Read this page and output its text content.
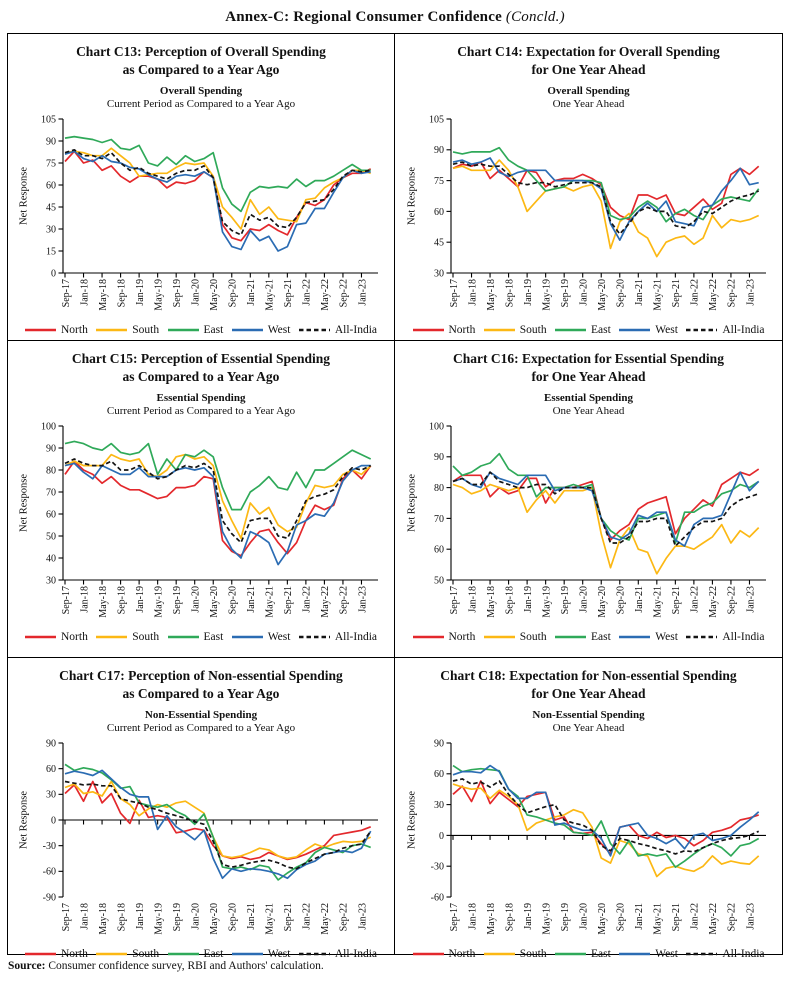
Annex-C: Regional Consumer Confidence (Concld.)
Chart C13: Perception of Overall Spending
as Compared to a Year Ago
Overall Spending
Current Period as Compared to a Year Ago
0
15
30
45
60
75
90
105
Sep-17 Jan-18 May-18 Sep-18 Jan-19 May-19 Sep-19 Jan-20 May-20 Sep-20 Jan-21 May-21 Sep-21 Jan-22 May-22 Sep-22 Jan-23
Net Response
North	South	East	West	All-India
Chart C14: Expectation for Overall Spending
for One Year Ahead
Overall Spending
One Year Ahead
30
45
60
75
90
105
Sep-17 Jan-18 May-18 Sep-18 Jan-19 May-19 Sep-19 Jan-20 May-20 Sep-20 Jan-21 May-21 Sep-21 Jan-22 May-22 Sep-22 Jan-23
Net Response
North	South	East	West	All-India
Chart C15: Perception of Essential Spending
as Compared to a Year Ago
Essential Spending
Current Period as Compared to a Year Ago
30
40
50
60
70
80
90
100
Sep-17 Jan-18 May-18 Sep-18 Jan-19 May-19 Sep-19 Jan-20 May-20 Sep-20 Jan-21 May-21 Sep-21 Jan-22 May-22 Sep-22 Jan-23
Net Response
North	South	East	West	All-India
Chart C16: Expectation for Essential Spending
for One Year Ahead
Essential Spending
One Year Ahead
50
60
70
80
90
100
Sep-17 Jan-18 May-18 Sep-18 Jan-19 May-19 Sep-19 Jan-20 May-20 Sep-20 Jan-21 May-21 Sep-21 Jan-22 May-22 Sep-22 Jan-23
Net Response
North	South	East	West	All-India
Chart C17: Perception of Non-essential Spending
as Compared to a Year Ago
Non-Essential Spending
Current Period as Compared to a Year Ago
-90
-60
-30
0
30
60
90
Sep-17 Jan-18 May-18 Sep-18 Jan-19 May-19 Sep-19 Jan-20 May-20 Sep-20 Jan-21 May-21 Sep-21 Jan-22 May-22 Sep-22 Jan-23
Net Response
North	South	East	West	All-India
Chart C18: Expectation for Non-essential Spending
for One Year Ahead
Non-Essential Spending
One Year Ahead
-60
-30
0
30
60
90
Sep-17 Jan-18 May-18 Sep-18 Jan-19 May-19 Sep-19 Jan-20 May-20 Sep-20 Jan-21 May-21 Sep-21 Jan-22 May-22 Sep-22 Jan-23
Net Response
North	South	East	West	All-India
Source: Consumer confidence survey, RBI and Authors' calculation.
